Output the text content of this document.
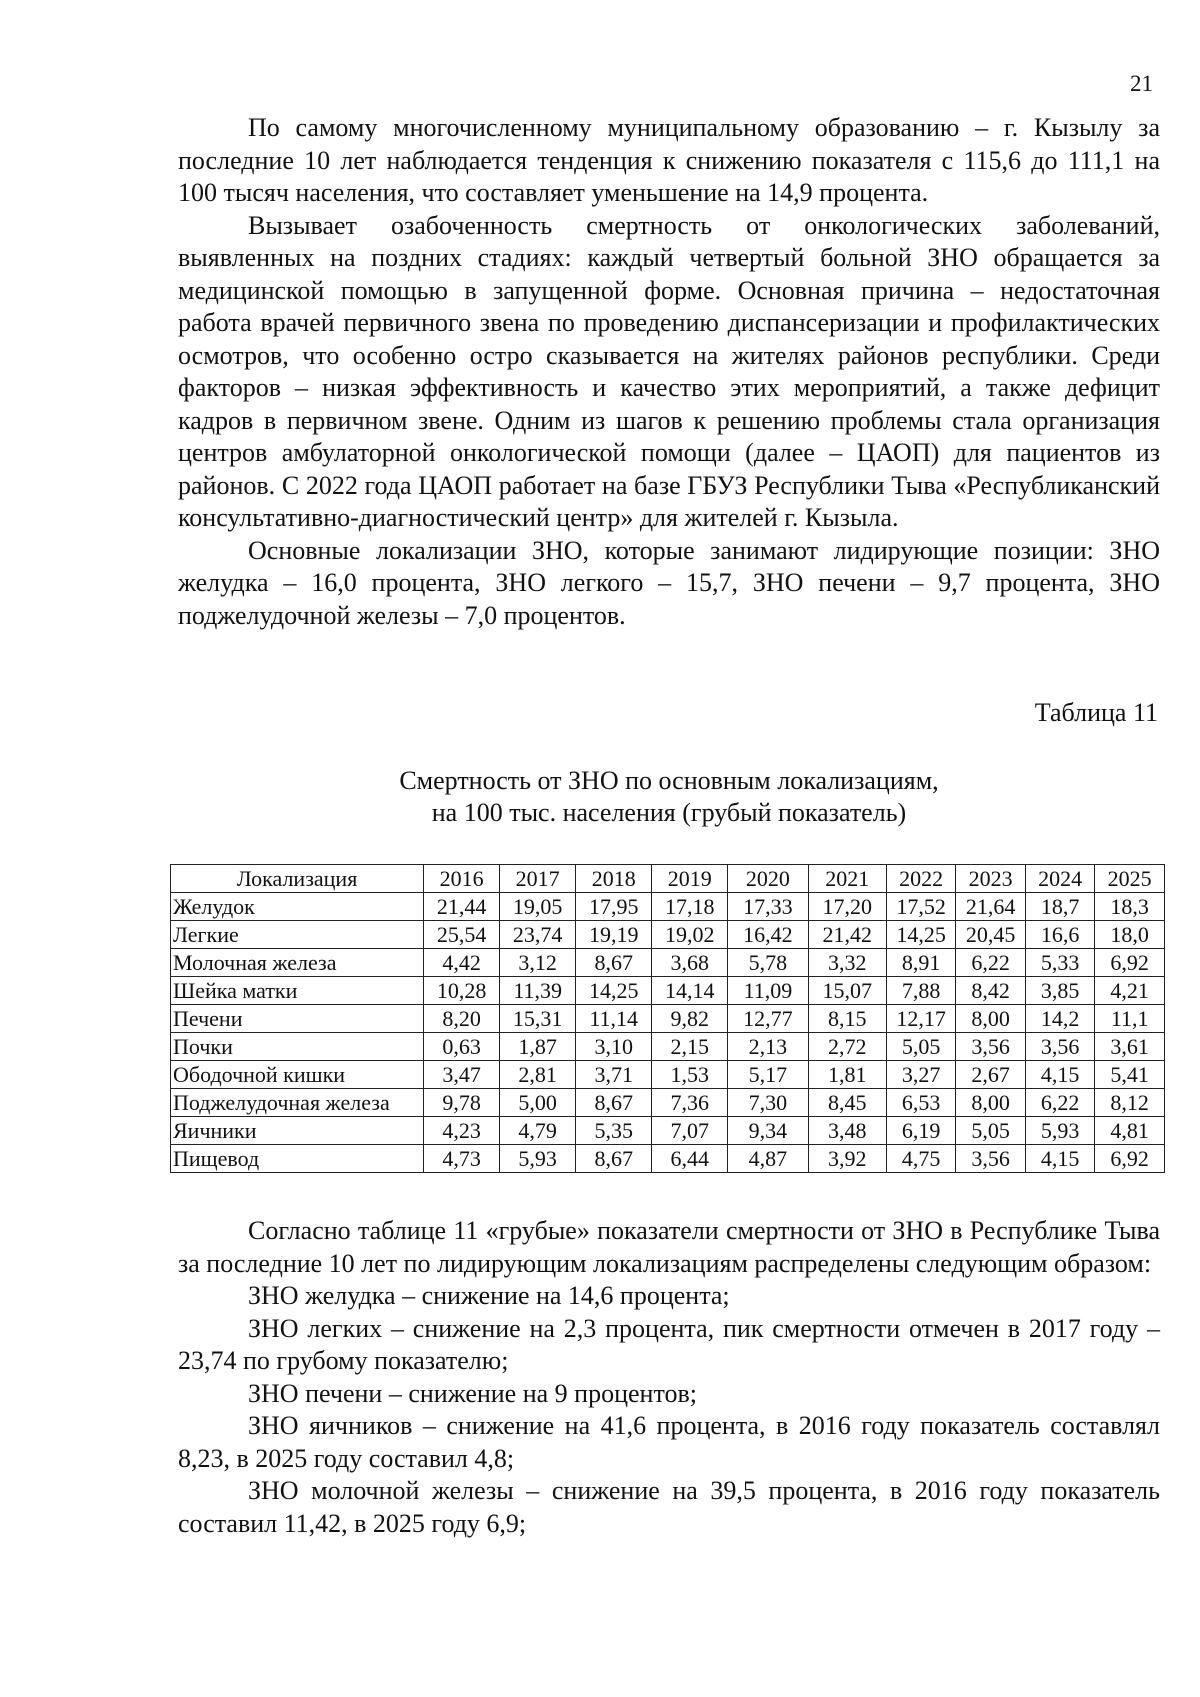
21

По самому многочисленному муниципальному образованию – г. Кызылу за последние 10 лет наблюдается тенденция к снижению показателя с 115,6 до 111,1 на 100 тысяч населения, что составляет уменьшение на 14,9 процента.

Вызывает озабоченность смертность от онкологических заболеваний, выявленных на поздних стадиях: каждый четвертый больной ЗНО обращается за медицинской помощью в запущенной форме. Основная причина – недостаточная работа врачей первичного звена по проведению диспансеризации и профилактических осмотров, что особенно остро сказывается на жителях районов республики. Среди факторов – низкая эффективность и качество этих мероприятий, а также дефицит кадров в первичном звене. Одним из шагов к решению проблемы стала организация центров амбулаторной онкологической помощи (далее – ЦАОП) для пациентов из районов. С 2022 года ЦАОП работает на базе ГБУЗ Республики Тыва «Республиканский консультативно-диагностический центр» для жителей г. Кызыла.

Основные локализации ЗНО, которые занимают лидирующие позиции: ЗНО желудка – 16,0 процента, ЗНО легкого – 15,7, ЗНО печени – 9,7 процента, ЗНО поджелудочной железы – 7,0 процентов.

Таблица 11
Смертность от ЗНО по основным локализациям,
на 100 тыс. населения (грубый показатель)
Локализация	2016	2017	2018	2019	2020	2021	2022	2023	2024	2025
Желудок	21,44	19,05	17,95	17,18	17,33	17,20	17,52	21,64	18,7	18,3
Легкие	25,54	23,74	19,19	19,02	16,42	21,42	14,25	20,45	16,6	18,0
Молочная железа	4,42	3,12	8,67	3,68	5,78	3,32	8,91	6,22	5,33	6,92
Шейка матки	10,28	11,39	14,25	14,14	11,09	15,07	7,88	8,42	3,85	4,21
Печени	8,20	15,31	11,14	9,82	12,77	8,15	12,17	8,00	14,2	11,1
Почки	0,63	1,87	3,10	2,15	2,13	2,72	5,05	3,56	3,56	3,61
Ободочной кишки	3,47	2,81	3,71	1,53	5,17	1,81	3,27	2,67	4,15	5,41
Поджелудочная железа	9,78	5,00	8,67	7,36	7,30	8,45	6,53	8,00	6,22	8,12
Яичники	4,23	4,79	5,35	7,07	9,34	3,48	6,19	5,05	5,93	4,81
Пищевод	4,73	5,93	8,67	6,44	4,87	3,92	4,75	3,56	4,15	6,92

Согласно таблице 11 «грубые» показатели смертности от ЗНО в Республике Тыва за последние 10 лет по лидирующим локализациям распределены следующим образом:

ЗНО желудка – снижение на 14,6 процента;

ЗНО легких – снижение на 2,3 процента, пик смертности отмечен в 2017 году – 23,74 по грубому показателю;

ЗНО печени – снижение на 9 процентов;

ЗНО яичников – снижение на 41,6 процента, в 2016 году показатель составлял 8,23, в 2025 году составил 4,8;

ЗНО молочной железы – снижение на 39,5 процента, в 2016 году показатель составил 11,42, в 2025 году 6,9;
